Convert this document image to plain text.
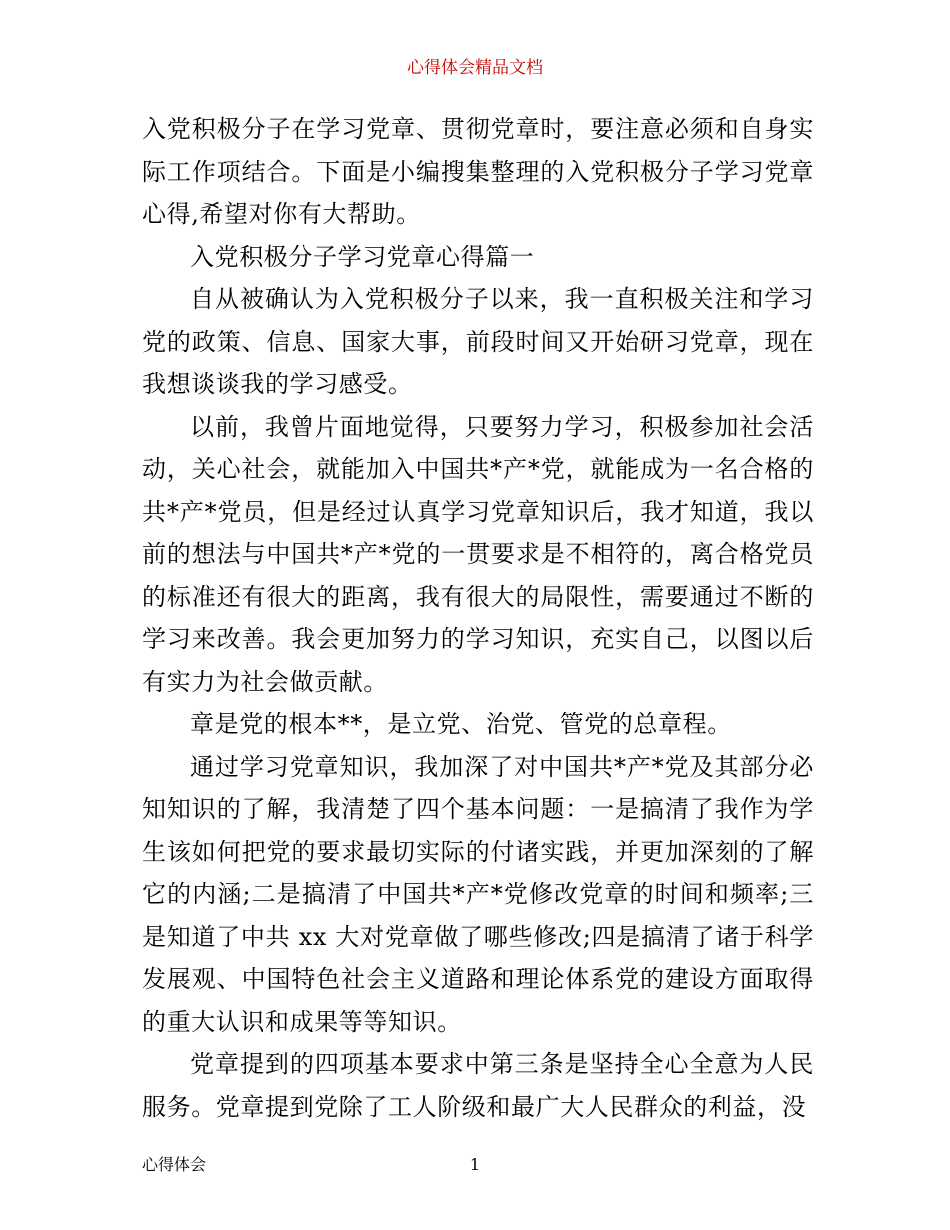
心得体会精品文档

入党积极分子在学习党章、贯彻党章时，要注意必须和自身实际工作项结合。下面是小编搜集整理的入党积极分子学习党章心得,希望对你有大帮助。

入党积极分子学习党章心得篇一

自从被确认为入党积极分子以来，我一直积极关注和学习党的政策、信息、国家大事，前段时间又开始研习党章，现在我想谈谈我的学习感受。

以前，我曾片面地觉得，只要努力学习，积极参加社会活动，关心社会，就能加入中国共*产*党，就能成为一名合格的共*产*党员，但是经过认真学习党章知识后，我才知道，我以前的想法与中国共*产*党的一贯要求是不相符的，离合格党员的标准还有很大的距离，我有很大的局限性，需要通过不断的学习来改善。我会更加努力的学习知识，充实自己，以图以后有实力为社会做贡献。

章是党的根本**，是立党、治党、管党的总章程。

通过学习党章知识，我加深了对中国共*产*党及其部分必知知识的了解，我清楚了四个基本问题：一是搞清了我作为学生该如何把党的要求最切实际的付诸实践，并更加深刻的了解它的内涵;二是搞清了中国共*产*党修改党章的时间和频率;三是知道了中共 xx 大对党章做了哪些修改;四是搞清了诸于科学发展观、中国特色社会主义道路和理论体系党的建设方面取得的重大认识和成果等等知识。

党章提到的四项基本要求中第三条是坚持全心全意为人民服务。党章提到党除了工人阶级和最广大人民群众的利益，没

心得体会	1
